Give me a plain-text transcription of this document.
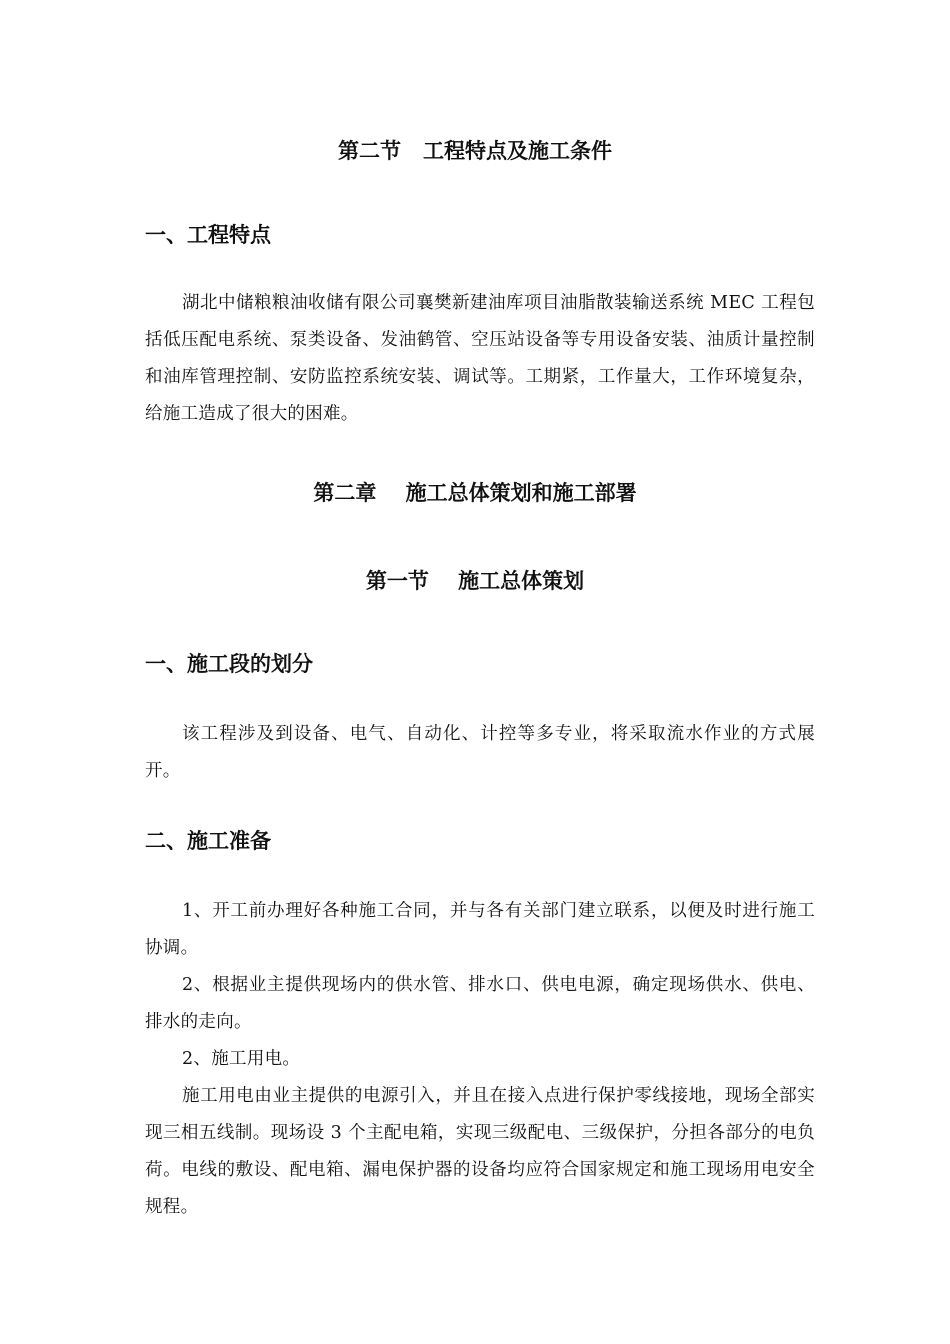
第二节   工程特点及施工条件
一、工程特点
湖北中储粮粮油收储有限公司襄樊新建油库项目油脂散装输送系统 MEC 工程包括低压配电系统、泵类设备、发油鹤管、空压站设备等专用设备安装、油质计量控制和油库管理控制、安防监控系统安装、调试等。工期紧，工作量大，工作环境复杂，给施工造成了很大的困难。
第二章    施工总体策划和施工部署
第一节    施工总体策划
一、施工段的划分
该工程涉及到设备、电气、自动化、计控等多专业，将采取流水作业的方式展开。
二、施工准备
1、开工前办理好各种施工合同，并与各有关部门建立联系，以便及时进行施工协调。
2、根据业主提供现场内的供水管、排水口、供电电源，确定现场供水、供电、排水的走向。
2、施工用电。
施工用电由业主提供的电源引入，并且在接入点进行保护零线接地，现场全部实现三相五线制。现场设 3 个主配电箱，实现三级配电、三级保护，分担各部分的电负荷。电线的敷设、配电箱、漏电保护器的设备均应符合国家规定和施工现场用电安全规程。
